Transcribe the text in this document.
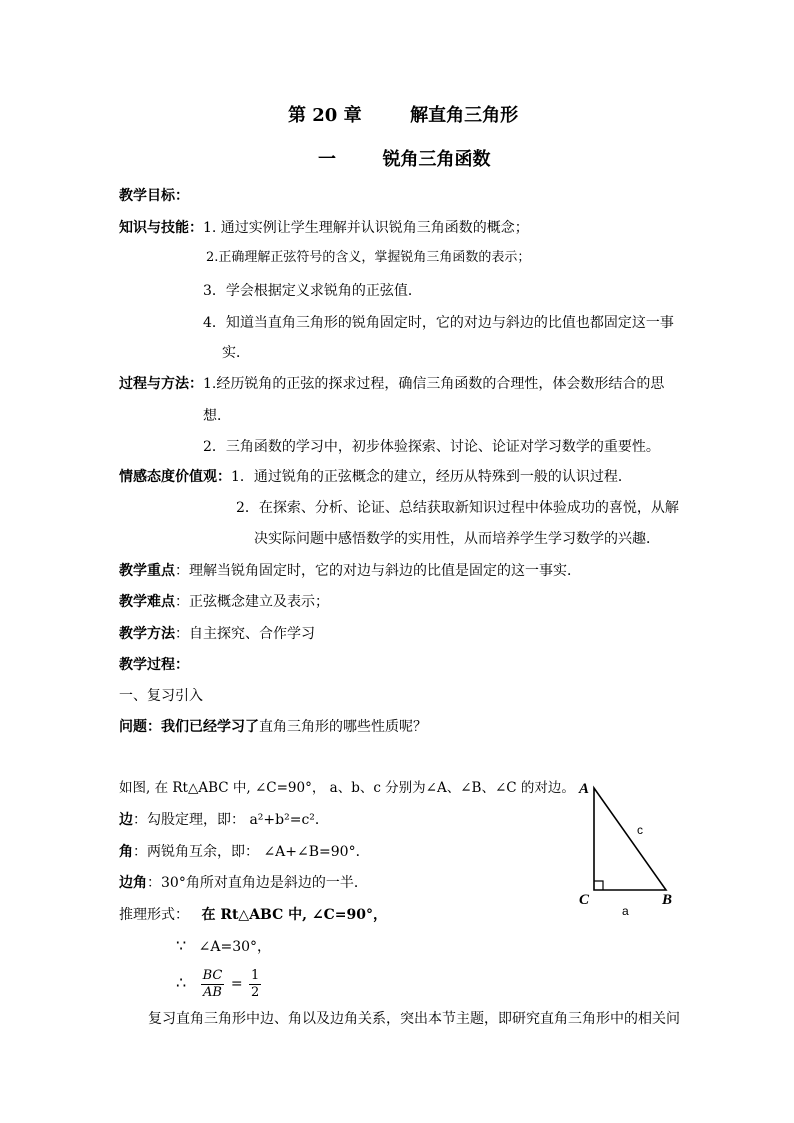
第 20 章	解直角三角形
一	锐角三角函数
教学目标：
知识与技能：1. 通过实例让学生理解并认识锐角三角函数的概念；
2.正确理解正弦符号的含义，掌握锐角三角函数的表示；
3．学会根据定义求锐角的正弦值．
4．知道当直角三角形的锐角固定时，它的对边与斜边的比值也都固定这一事
实．
过程与方法：1.经历锐角的正弦的探求过程，确信三角函数的合理性，体会数形结合的思
想．
2．三角函数的学习中，初步体验探索、讨论、论证对学习数学的重要性。
情感态度价值观：1．通过锐角的正弦概念的建立，经历从特殊到一般的认识过程．
2．在探索、分析、论证、总结获取新知识过程中体验成功的喜悦，从解
决实际问题中感悟数学的实用性，从而培养学生学习数学的兴趣．
教学重点：理解当锐角固定时，它的对边与斜边的比值是固定的这一事实．
教学难点：正弦概念建立及表示；
教学方法：自主探究、合作学习
教学过程：
一、复习引入
问题：我们已经学习了直角三角形的哪些性质呢？
如图, 在 Rt△ABC 中, ∠C=90°， a、b、c 分别为∠A、∠B、∠C 的对边。
边：勾股定理，即： a²+b²=c²．
角：两锐角互余，即： ∠A+∠B=90°．
边角：30°角所对直角边是斜边的一半．
推理形式： 在 Rt△ABC 中, ∠C=90°，
∵ ∠A=30°，
∴ $\frac{BC}{AB} = \frac{1}{2}$
复习直角三角形中边、角以及边角关系，突出本节主题，即研究直角三角形中的相关问
A
C	B
c
a
